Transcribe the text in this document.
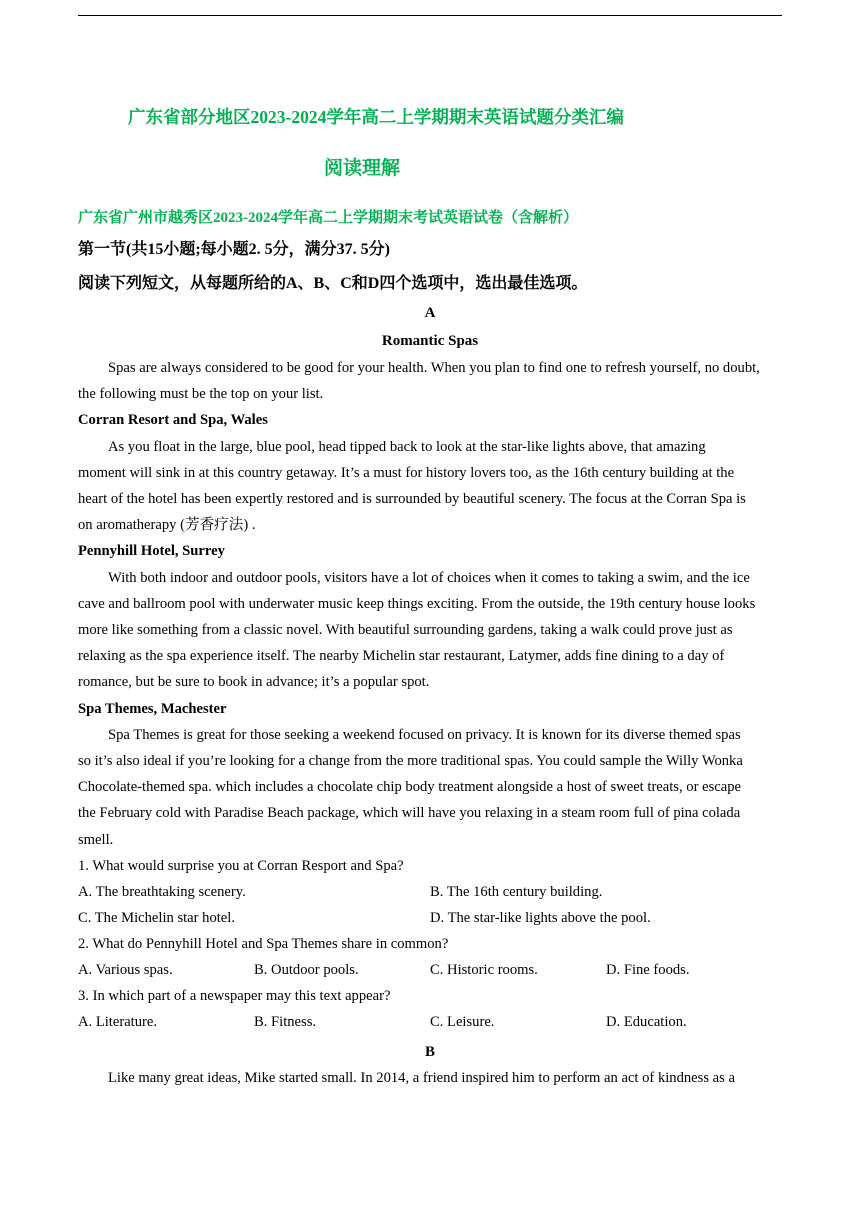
广东省部分地区2023-2024学年高二上学期期末英语试题分类汇编
阅读理解
广东省广州市越秀区2023-2024学年高二上学期期末考试英语试卷（含解析）
第一节(共15小题;每小题2. 5分，满分37. 5分)
阅读下列短文，从每题所给的A、B、C和D四个选项中，选出最佳选项。
A
Romantic Spas
Spas are always considered to be good for your health. When you plan to find one to refresh yourself, no doubt,
the following must be the top on your list.
Corran Resort and Spa, Wales
As you float in the large, blue pool, head tipped back to look at the star-like lights above, that amazing
moment will sink in at this country getaway. It’s a must for history lovers too, as the 16th century building at the
heart of the hotel has been expertly restored and is surrounded by beautiful scenery. The focus at the Corran Spa is
on aromatherapy (芳香疗法) .
Pennyhill Hotel, Surrey
With both indoor and outdoor pools, visitors have a lot of choices when it comes to taking a swim, and the ice
cave and ballroom pool with underwater music keep things exciting. From the outside, the 19th century house looks
more like something from a classic novel. With beautiful surrounding gardens, taking a walk could prove just as
relaxing as the spa experience itself. The nearby Michelin star restaurant, Latymer, adds fine dining to a day of
romance, but be sure to book in advance; it’s a popular spot.
Spa Themes, Machester
Spa Themes is great for those seeking a weekend focused on privacy. It is known for its diverse themed spas
so it’s also ideal if you’re looking for a change from the more traditional spas. You could sample the Willy Wonka
Chocolate-themed spa. which includes a chocolate chip body treatment alongside a host of sweet treats, or escape
the February cold with Paradise Beach package, which will have you relaxing in a steam room full of pina colada
smell.
1. What would surprise you at Corran Resport and Spa?
A. The breathtaking scenery.	B. The 16th century building.
C. The Michelin star hotel.	D. The star-like lights above the pool.
2. What do Pennyhill Hotel and Spa Themes share in common?
A. Various spas.	B. Outdoor pools.	C. Historic rooms.	D. Fine foods.
3. In which part of a newspaper may this text appear?
A. Literature.	B. Fitness.	C. Leisure.	D. Education.
B
Like many great ideas, Mike started small. In 2014, a friend inspired him to perform an act of kindness as a
